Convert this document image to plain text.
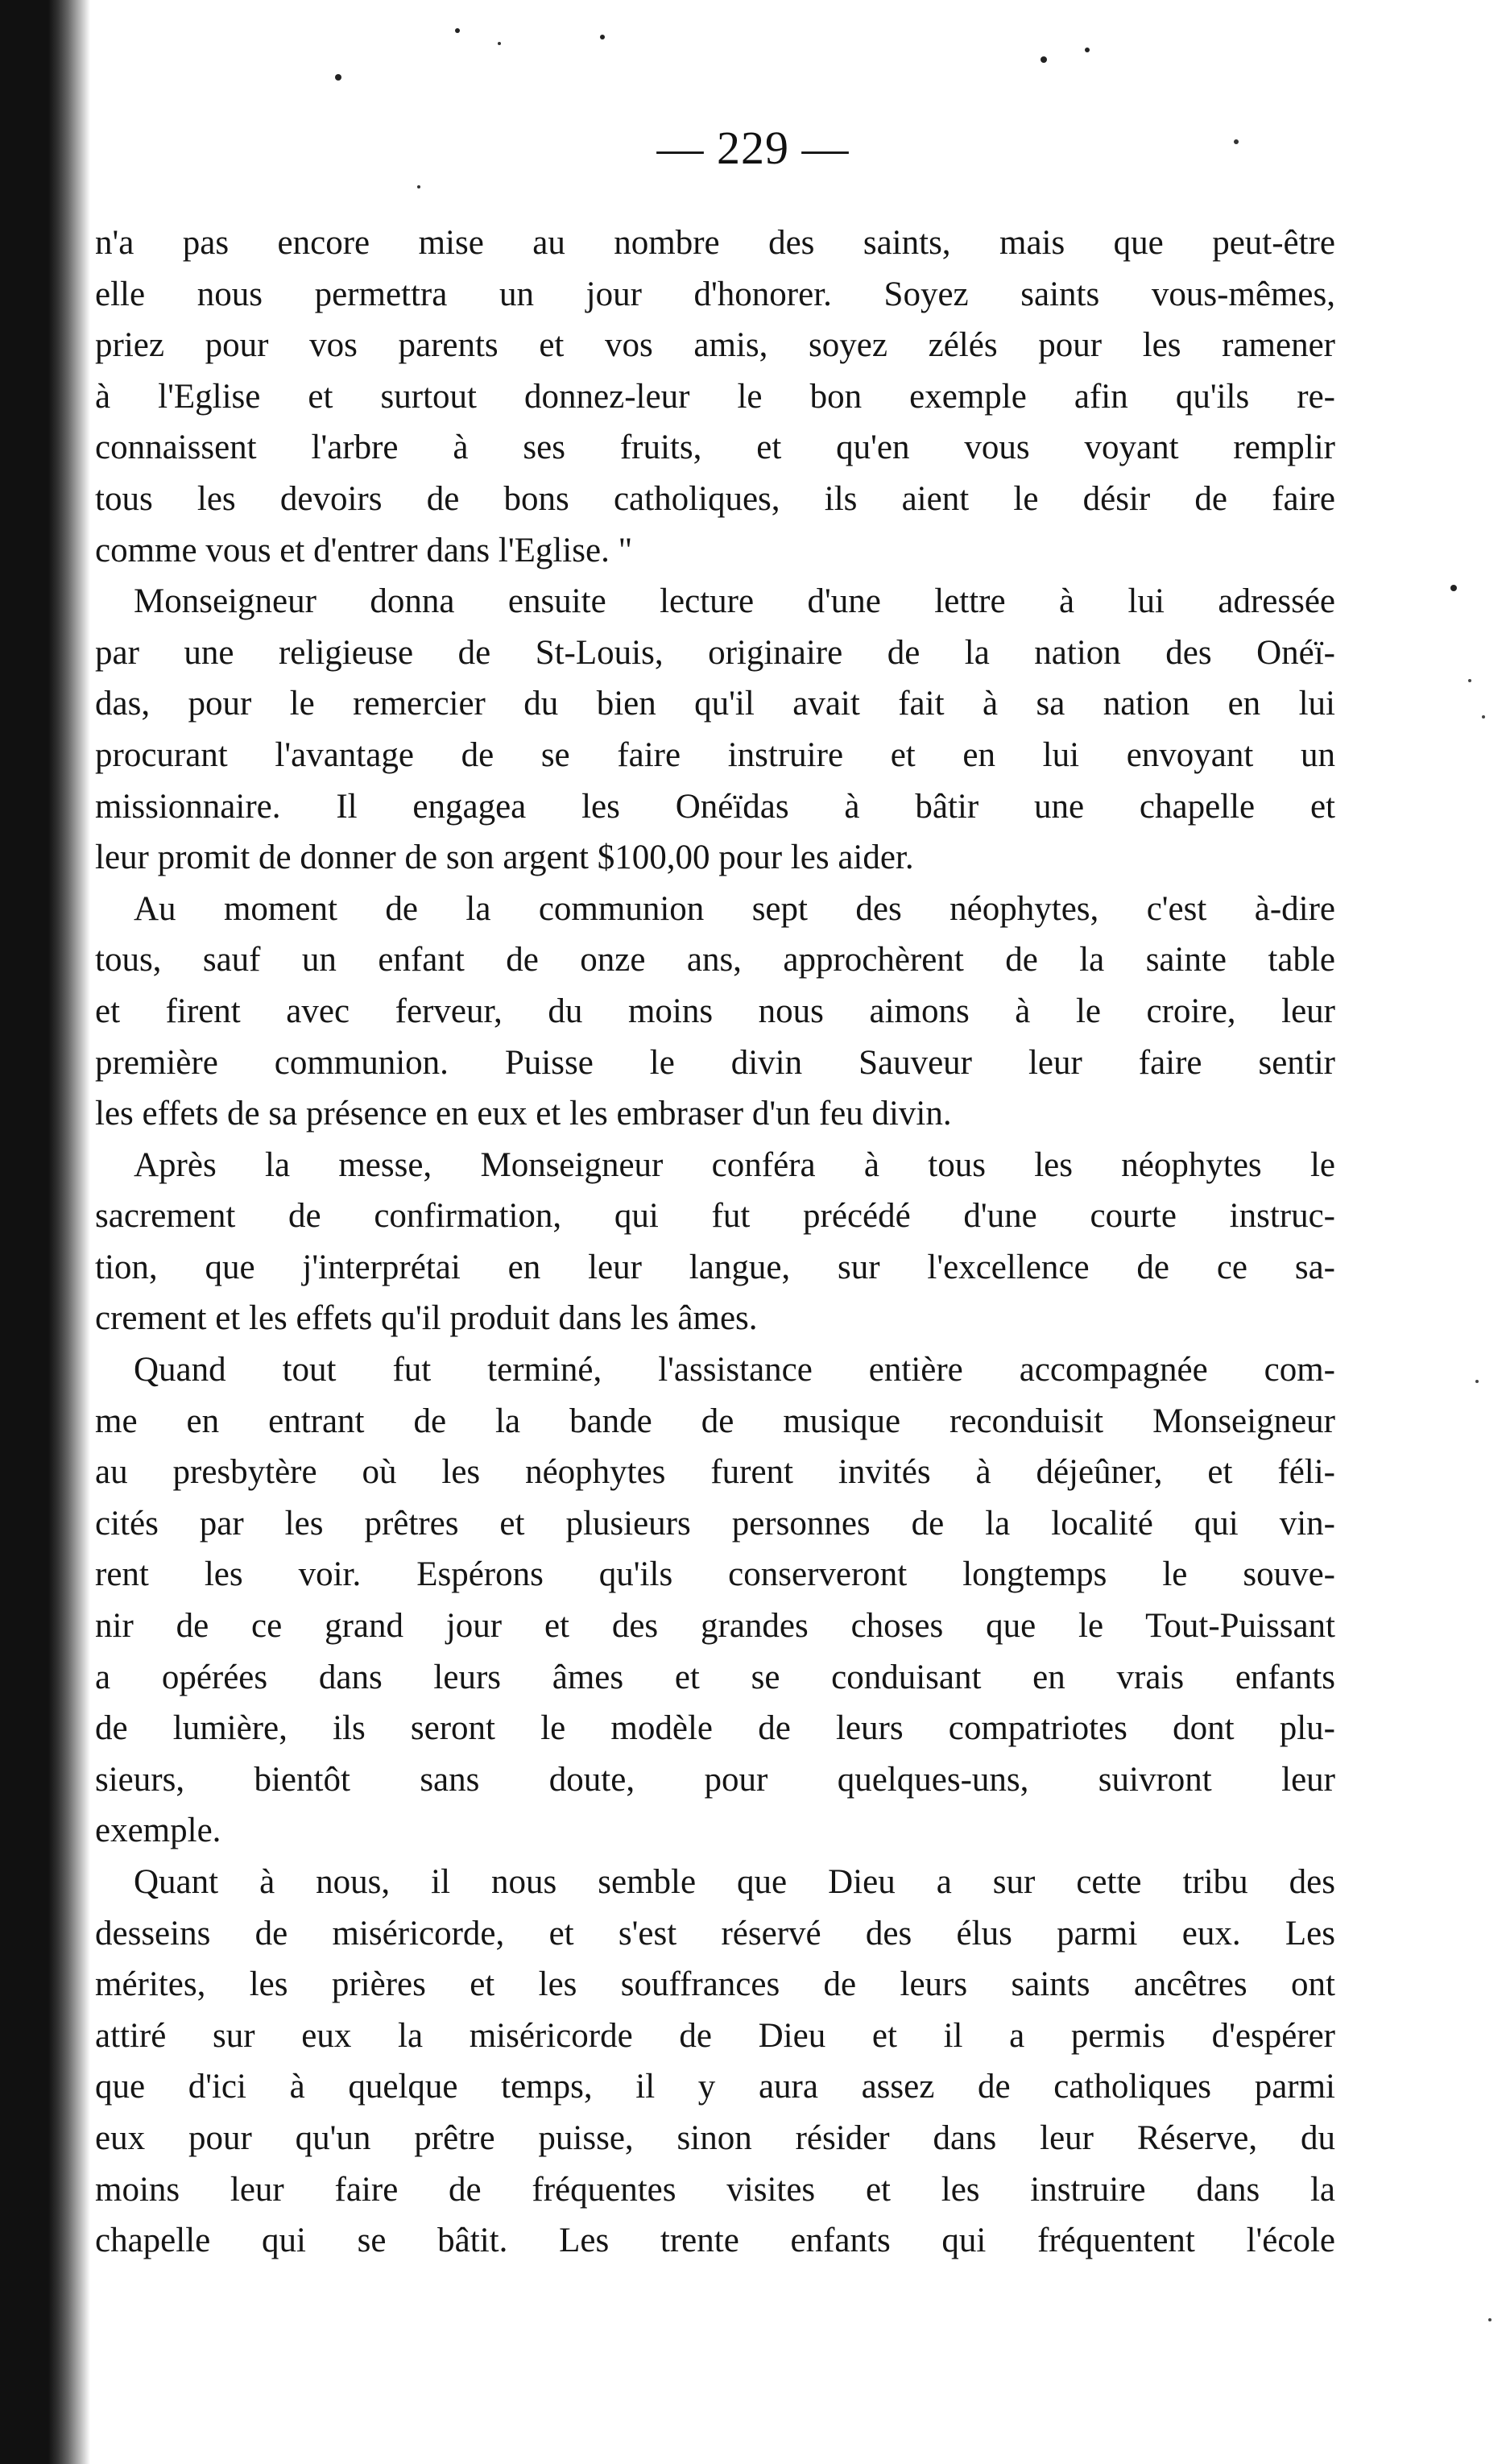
— 229 —
n'a pas encore mise au nombre des saints, mais que peut-être
elle nous permettra un jour d'honorer. Soyez saints vous-mêmes,
priez pour vos parents et vos amis, soyez zélés pour les ramener
à l'Eglise et surtout donnez-leur le bon exemple afin qu'ils re-
connaissent l'arbre à ses fruits, et qu'en vous voyant remplir
tous les devoirs de bons catholiques, ils aient le désir de faire
comme vous et d'entrer dans l'Eglise. "
Monseigneur donna ensuite lecture d'une lettre à lui adressée
par une religieuse de St-Louis, originaire de la nation des Onéï-
das, pour le remercier du bien qu'il avait fait à sa nation en lui
procurant l'avantage de se faire instruire et en lui envoyant un
missionnaire. Il engagea les Onéïdas à bâtir une chapelle et
leur promit de donner de son argent $100,00 pour les aider.
Au moment de la communion sept des néophytes, c'est à-dire
tous, sauf un enfant de onze ans, approchèrent de la sainte table
et firent avec ferveur, du moins nous aimons à le croire, leur
première communion. Puisse le divin Sauveur leur faire sentir
les effets de sa présence en eux et les embraser d'un feu divin.
Après la messe, Monseigneur conféra à tous les néophytes le
sacrement de confirmation, qui fut précédé d'une courte instruc-
tion, que j'interprétai en leur langue, sur l'excellence de ce sa-
crement et les effets qu'il produit dans les âmes.
Quand tout fut terminé, l'assistance entière accompagnée com-
me en entrant de la bande de musique reconduisit Monseigneur
au presbytère où les néophytes furent invités à déjeûner, et féli-
cités par les prêtres et plusieurs personnes de la localité qui vin-
rent les voir. Espérons qu'ils conserveront longtemps le souve-
nir de ce grand jour et des grandes choses que le Tout-Puissant
a opérées dans leurs âmes et se conduisant en vrais enfants
de lumière, ils seront le modèle de leurs compatriotes dont plu-
sieurs, bientôt sans doute, pour quelques-uns, suivront leur
exemple.
Quant à nous, il nous semble que Dieu a sur cette tribu des
desseins de miséricorde, et s'est réservé des élus parmi eux. Les
mérites, les prières et les souffrances de leurs saints ancêtres ont
attiré sur eux la miséricorde de Dieu et il a permis d'espérer
que d'ici à quelque temps, il y aura assez de catholiques parmi
eux pour qu'un prêtre puisse, sinon résider dans leur Réserve, du
moins leur faire de fréquentes visites et les instruire dans la
chapelle qui se bâtit. Les trente enfants qui fréquentent l'école
